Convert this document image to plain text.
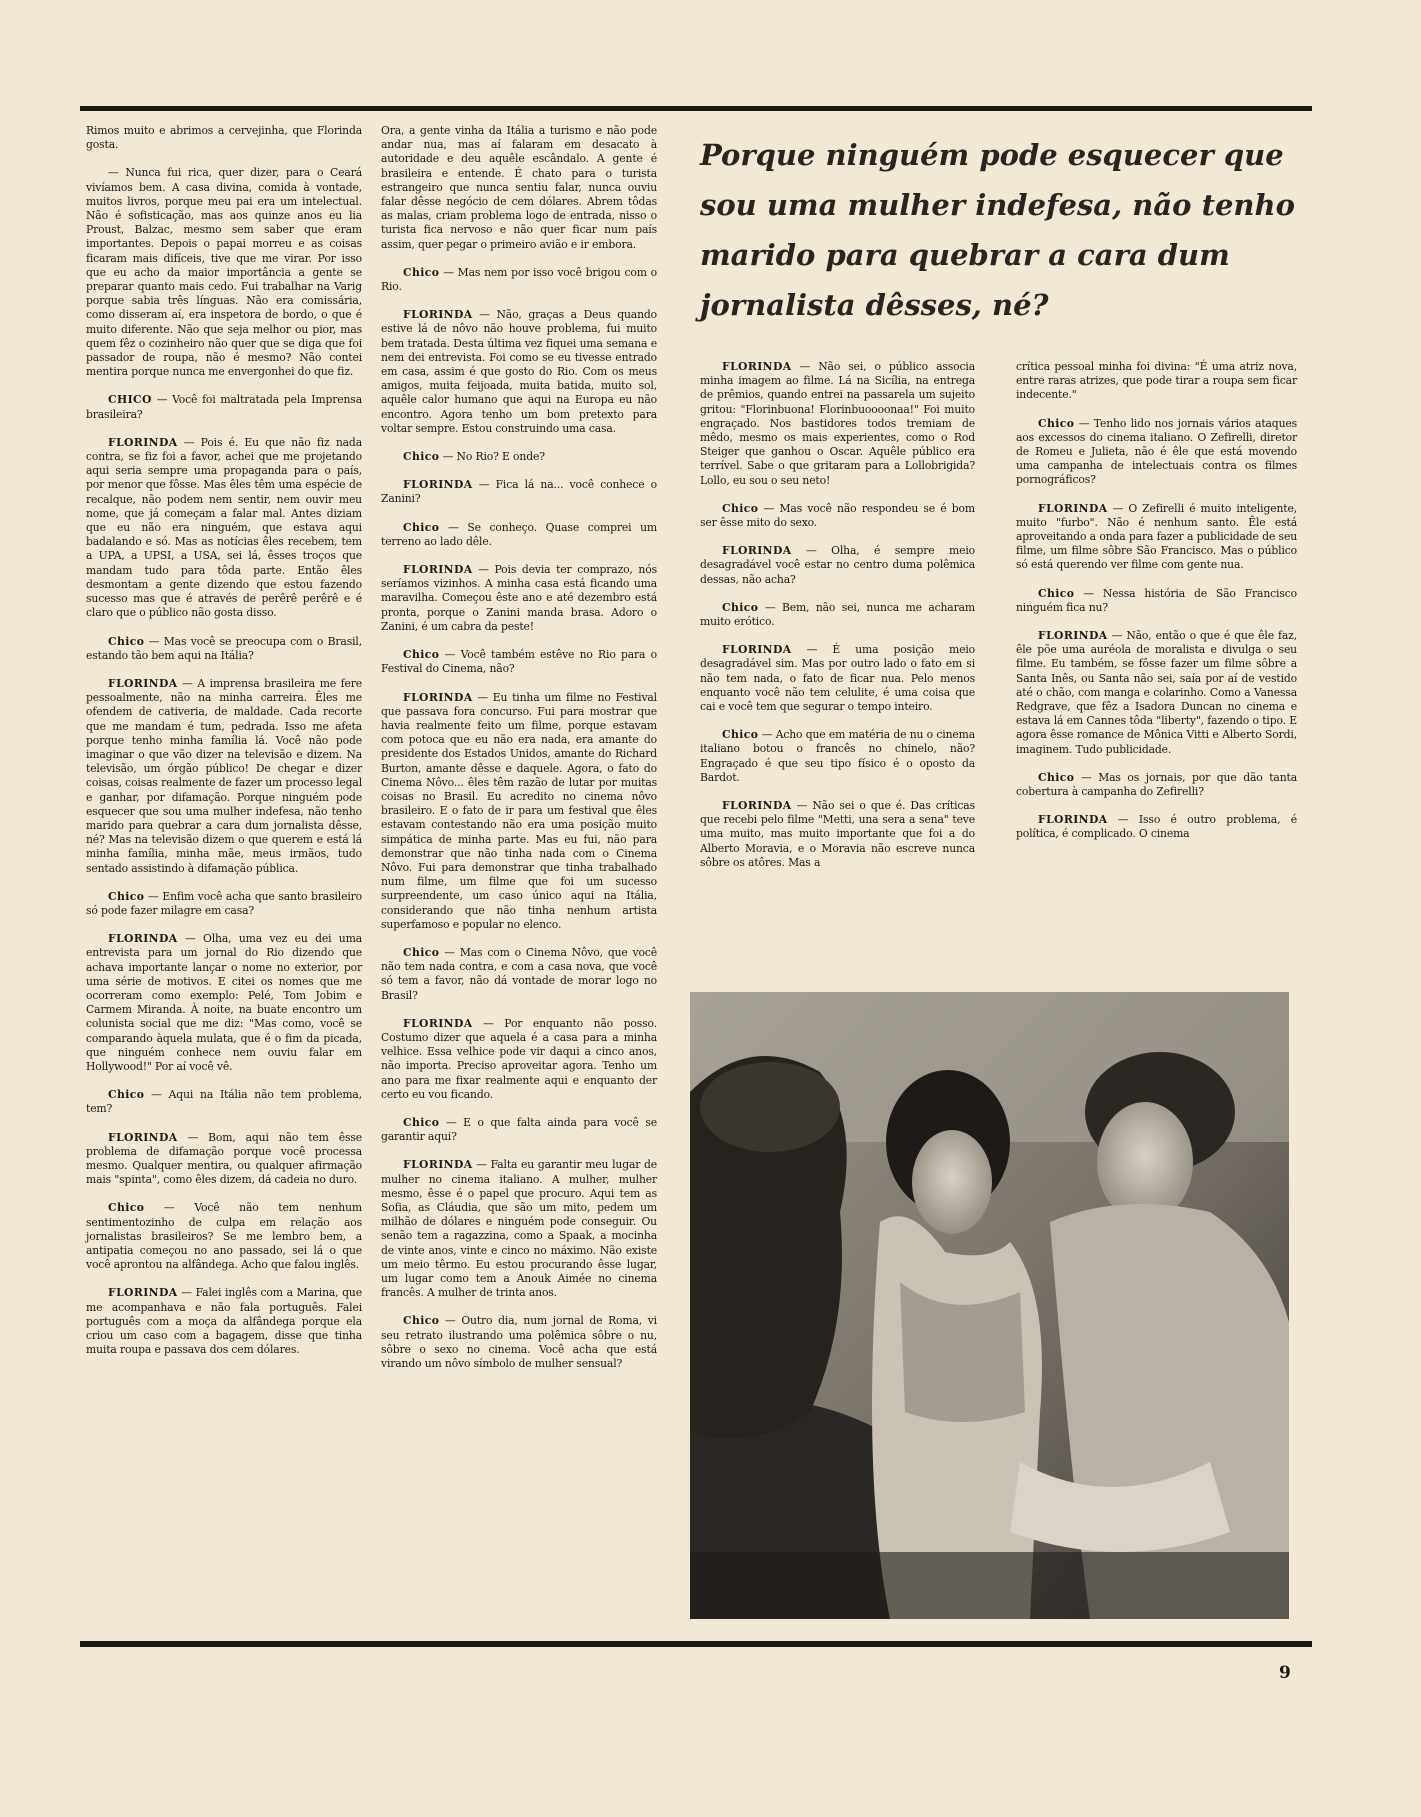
Rimos muito e abrimos a cervejinha, que Florinda gosta.

— Nunca fui rica, quer dizer, para o Ceará vivíamos bem. A casa divina, comida à vontade, muitos livros, porque meu pai era um intelectual. Não é sofisticação, mas aos quinze anos eu lia Proust, Balzac, mesmo sem saber que eram importantes. Depois o papai morreu e as coisas ficaram mais difíceis, tive que me virar. Por isso que eu acho da maior importância a gente se preparar quanto mais cedo. Fui trabalhar na Varig porque sabia três línguas. Não era comissária, como disseram aí, era inspetora de bordo, o que é muito diferente. Não que seja melhor ou pior, mas quem fêz o cozinheiro não quer que se diga que foi passador de roupa, não é mesmo? Não contei mentira porque nunca me envergonhei do que fiz.

CHICO — Você foi maltratada pela Imprensa brasileira?

FLORINDA — Pois é. Eu que não fiz nada contra, se fiz foi a favor, achei que me projetando aqui seria sempre uma propaganda para o país, por menor que fôsse. Mas êles têm uma espécie de recalque, não podem nem sentir, nem ouvir meu nome, que já começam a falar mal. Antes diziam que eu não era ninguém, que estava aqui badalando e só. Mas as notícias êles recebem, tem a UPA, a UPSI, a USA, sei lá, êsses troços que mandam tudo para tôda parte. Então êles desmontam a gente dizendo que estou fazendo sucesso mas que é através de perêrê perêrê e é claro que o público não gosta disso.

Chico — Mas você se preocupa com o Brasil, estando tão bem aqui na Itália?

FLORINDA — A imprensa brasileira me fere pessoalmente, não na minha carreira. Êles me ofendem de cativeria, de maldade. Cada recorte que me mandam é tum, pedrada. Isso me afeta porque tenho minha família lá. Você não pode imaginar o que vão dizer na televisão e dizem. Na televisão, um órgão público! De chegar e dizer coisas, coisas realmente de fazer um processo legal e ganhar, por difamação. Porque ninguém pode esquecer que sou uma mulher indefesa, não tenho marido para quebrar a cara dum jornalista dêsse, né? Mas na televisão dizem o que querem e está lá minha família, minha mãe, meus irmãos, tudo sentado assistindo à difamação pública.

Chico — Enfim você acha que santo brasileiro só pode fazer milagre em casa?

FLORINDA — Olha, uma vez eu dei uma entrevista para um jornal do Rio dizendo que achava importante lançar o nome no exterior, por uma série de motivos. E citei os nomes que me ocorreram como exemplo: Pelé, Tom Jobim e Carmem Miranda. À noite, na buate encontro um colunista social que me diz: "Mas como, você se comparando àquela mulata, que é o fim da picada, que ninguém conhece nem ouviu falar em Hollywood!" Por aí você vê.

Chico — Aqui na Itália não tem problema, tem?

FLORINDA — Bom, aqui não tem êsse problema de difamação porque você processa mesmo. Qualquer mentira, ou qualquer afirmação mais "spinta", como êles dizem, dá cadeia no duro.

Chico — Você não tem nenhum sentimentozinho de culpa em relação aos jornalistas brasileiros? Se me lembro bem, a antipatia começou no ano passado, sei lá o que você aprontou na alfândega. Acho que falou inglês.

FLORINDA — Falei inglês com a Marina, que me acompanhava e não fala português. Falei português com a moça da alfândega porque ela criou um caso com a bagagem, disse que tinha muita roupa e passava dos cem dólares.

Ora, a gente vinha da Itália a turismo e não pode andar nua, mas aí falaram em desacato à autoridade e deu aquêle escândalo. A gente é brasileira e entende. É chato para o turista estrangeiro que nunca sentiu falar, nunca ouviu falar dêsse negócio de cem dólares. Abrem tôdas as malas, criam problema logo de entrada, nisso o turista fica nervoso e não quer ficar num país assim, quer pegar o primeiro avião e ir embora.

Chico — Mas nem por isso você brigou com o Rio.

FLORINDA — Não, graças a Deus quando estive lá de nôvo não houve problema, fui muito bem tratada. Desta última vez fiquei uma semana e nem dei entrevista. Foi como se eu tivesse entrado em casa, assim é que gosto do Rio. Com os meus amigos, muita feijoada, muita batida, muito sol, aquêle calor humano que aqui na Europa eu não encontro. Agora tenho um bom pretexto para voltar sempre. Estou construindo uma casa.

Chico — No Rio? E onde?

FLORINDA — Fica lá na... você conhece o Zanini?

Chico — Se conheço. Quase comprei um terreno ao lado dêle.

FLORINDA — Pois devia ter comprazo, nós seríamos vizinhos. A minha casa está ficando uma maravilha. Começou êste ano e até dezembro está pronta, porque o Zanini manda brasa. Adoro o Zanini, é um cabra da peste!

Chico — Você também estêve no Rio para o Festival do Cinema, não?

FLORINDA — Eu tinha um filme no Festival que passava fora concurso. Fui para mostrar que havia realmente feito um filme, porque estavam com potoca que eu não era nada, era amante do presidente dos Estados Unidos, amante do Richard Burton, amante dêsse e daquele. Agora, o fato do Cinema Nôvo... êles têm razão de lutar por muitas coisas no Brasil. Eu acredito no cinema nôvo brasileiro. E o fato de ir para um festival que êles estavam contestando não era uma posição muito simpática de minha parte. Mas eu fui, não para demonstrar que não tinha nada com o Cinema Nôvo. Fui para demonstrar que tinha trabalhado num filme, um filme que foi um sucesso surpreendente, um caso único aqui na Itália, considerando que não tinha nenhum artista superfamoso e popular no elenco.

Chico — Mas com o Cinema Nôvo, que você não tem nada contra, e com a casa nova, que você só tem a favor, não dá vontade de morar logo no Brasil?

FLORINDA — Por enquanto não posso. Costumo dizer que aquela é a casa para a minha velhice. Essa velhice pode vir daqui a cinco anos, não importa. Preciso aproveitar agora. Tenho um ano para me fixar realmente aqui e enquanto der certo eu vou ficando.

Chico — E o que falta ainda para você se garantir aqui?

FLORINDA — Falta eu garantir meu lugar de mulher no cinema italiano. A mulher, mulher mesmo, êsse é o papel que procuro. Aqui tem as Sofia, as Cláudia, que são um mito, pedem um milhão de dólares e ninguém pode conseguir. Ou senão tem a ragazzina, como a Spaak, a mocinha de vinte anos, vinte e cinco no máximo. Não existe um meio têrmo. Eu estou procurando êsse lugar, um lugar como tem a Anouk Aimée no cinema francês. A mulher de trinta anos.

Chico — Outro dia, num jornal de Roma, vi seu retrato ilustrando uma polêmica sôbre o nu, sôbre o sexo no cinema. Você acha que está virando um nôvo símbolo de mulher sensual?

Porque ninguém pode esquecer que sou uma mulher indefesa, não tenho marido para quebrar a cara dum jornalista dêsses, né?

FLORINDA — Não sei, o público associa minha imagem ao filme. Lá na Sicília, na entrega de prêmios, quando entrei na passarela um sujeito gritou: "Florinbuona! Florinbuoooonaa!" Foi muito engraçado. Nos bastidores todos tremiam de mêdo, mesmo os mais experientes, como o Rod Steiger que ganhou o Oscar. Aquêle público era terrível. Sabe o que gritaram para a Lollobrigida? Lollo, eu sou o seu neto!

Chico — Mas você não respondeu se é bom ser êsse mito do sexo.

FLORINDA — Olha, é sempre meio desagradável você estar no centro duma polêmica dessas, não acha?

Chico — Bem, não sei, nunca me acharam muito erótico.

FLORINDA — É uma posição meio desagradável sim. Mas por outro lado o fato em si não tem nada, o fato de ficar nua. Pelo menos enquanto você não tem celulite, é uma coisa que cai e você tem que segurar o tempo inteiro.

Chico — Acho que em matéria de nu o cinema italiano botou o francês no chinelo, não? Engraçado é que seu tipo físico é o oposto da Bardot.

FLORINDA — Não sei o que é. Das críticas que recebi pelo filme "Metti, una sera a sena" teve uma muito, mas muito importante que foi a do Alberto Moravia, e o Moravia não escreve nunca sôbre os atôres. Mas a

crítica pessoal minha foi divina: "É uma atriz nova, entre raras atrizes, que pode tirar a roupa sem ficar indecente."

Chico — Tenho lido nos jornais vários ataques aos excessos do cinema italiano. O Zefirelli, diretor de Romeu e Julieta, não é êle que está movendo uma campanha de intelectuais contra os filmes pornográficos?

FLORINDA — O Zefirelli é muito inteligente, muito "furbo". Não é nenhum santo. Êle está aproveitando a onda para fazer a publicidade de seu filme, um filme sôbre São Francisco. Mas o público só está querendo ver filme com gente nua.

Chico — Nessa história de São Francisco ninguém fica nu?

FLORINDA — Não, então o que é que êle faz, êle põe uma auréola de moralista e divulga o seu filme. Eu também, se fôsse fazer um filme sôbre a Santa Inês, ou Santa não sei, saía por aí de vestido até o chão, com manga e colarinho. Como a Vanessa Redgrave, que fêz a Isadora Duncan no cinema e estava lá em Cannes tôda "liberty", fazendo o tipo. E agora êsse romance de Mônica Vitti e Alberto Sordi, imaginem. Tudo publicidade.

Chico — Mas os jornais, por que dão tanta cobertura à campanha do Zefirelli?

FLORINDA — Isso é outro problema, é política, é complicado. O cinema

9
